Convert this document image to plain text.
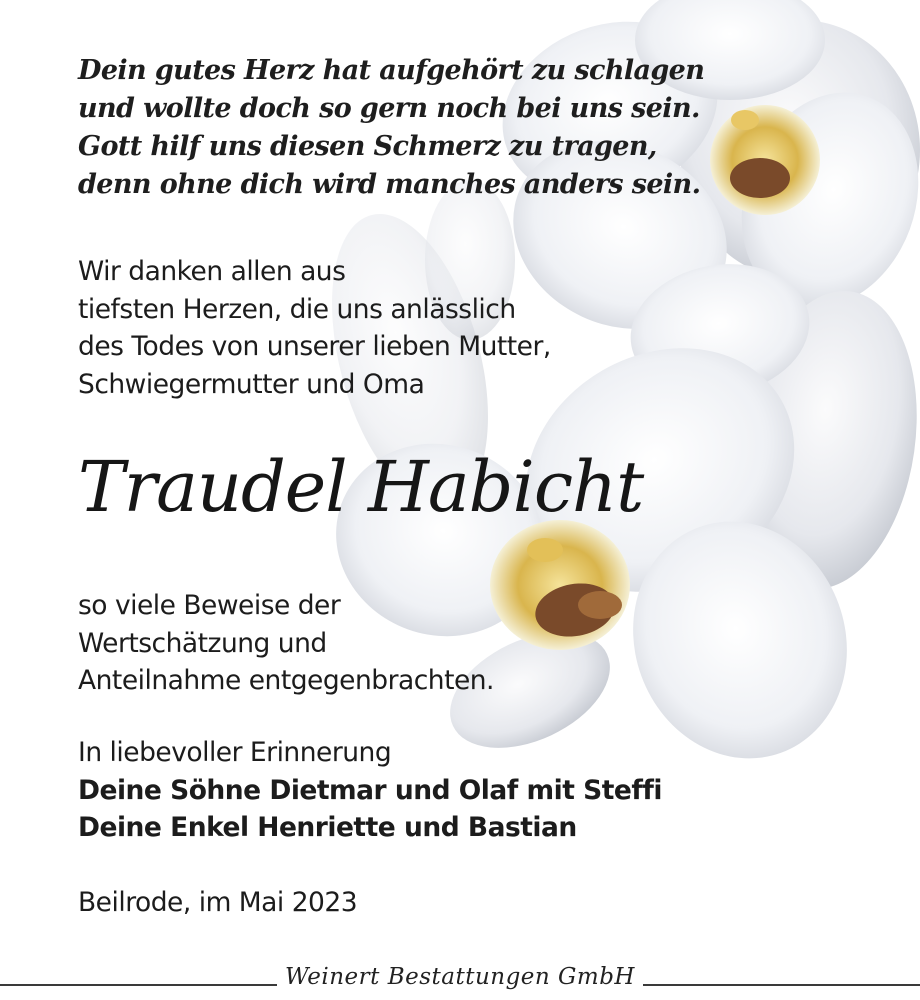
Dein gutes Herz hat aufgehört zu schlagen
und wollte doch so gern noch bei uns sein.
Gott hilf uns diesen Schmerz zu tragen,
denn ohne dich wird manches anders sein.
Wir danken allen aus
tiefsten Herzen, die uns anlässlich
des Todes von unserer lieben Mutter,
Schwiegermutter und Oma
Traudel Habicht
so viele Beweise der
Wertschätzung und
Anteilnahme entgegenbrachten.
In liebevoller Erinnerung
Deine Söhne Dietmar und Olaf mit Steffi
Deine Enkel Henriette und Bastian
Beilrode, im Mai 2023
Weinert Bestattungen GmbH
